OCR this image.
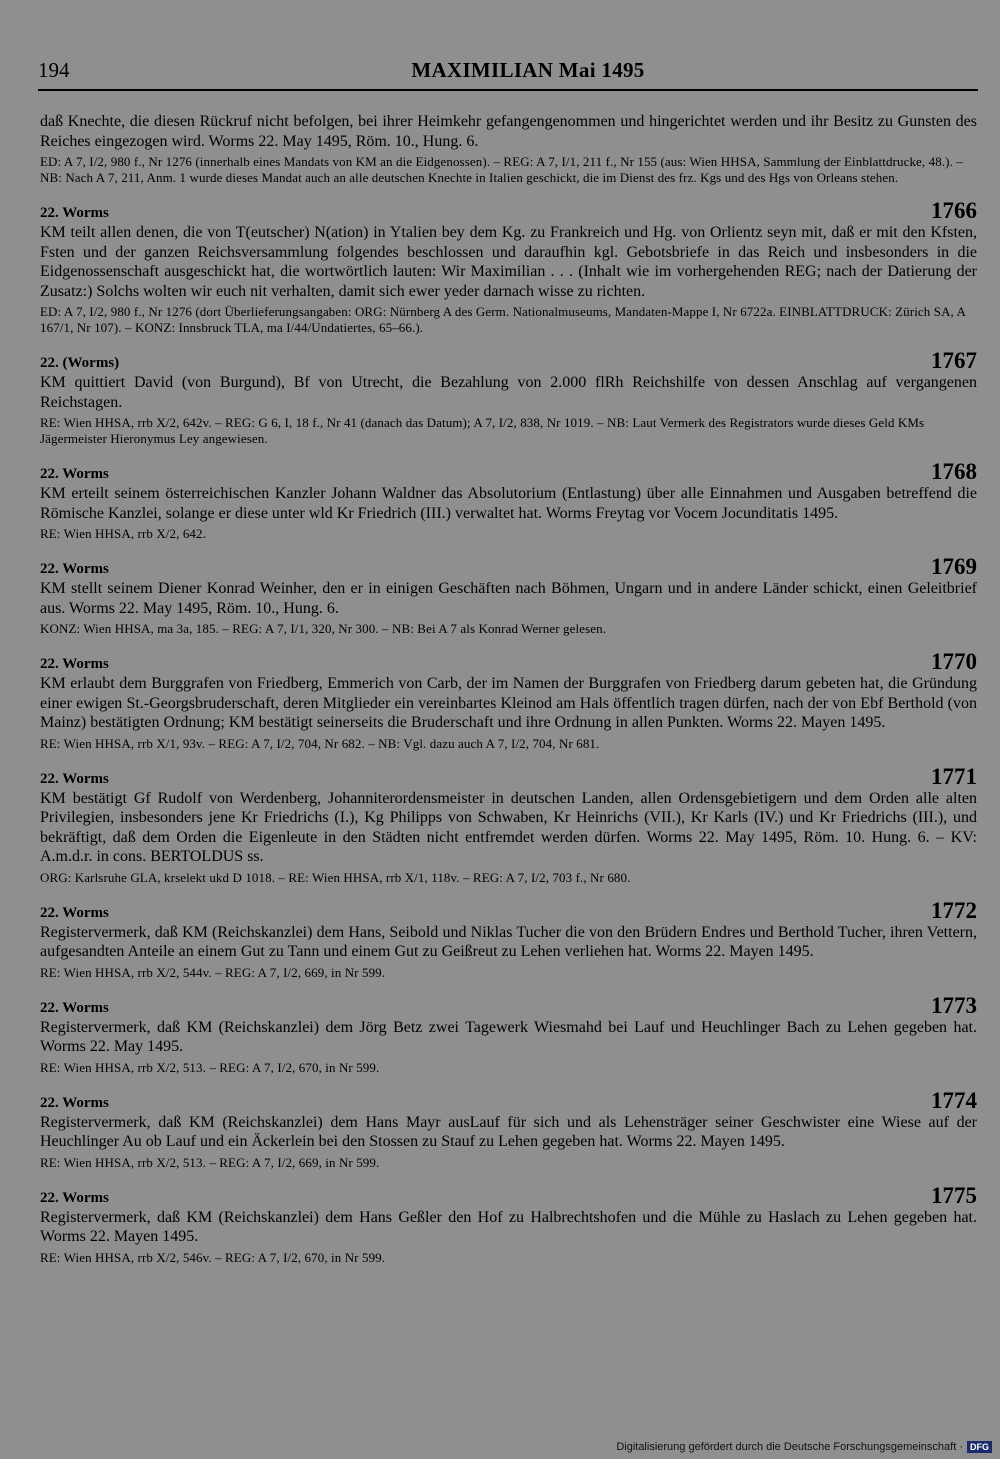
194	MAXIMILIAN Mai 1495

daß Knechte, die diesen Rückruf nicht befolgen, bei ihrer Heimkehr gefangengenommen und hingerichtet werden und ihr Besitz zu Gunsten des Reiches eingezogen wird. Worms 22. May 1495, Röm. 10., Hung. 6.

ED: A 7, I/2, 980 f., Nr 1276 (innerhalb eines Mandats von KM an die Eidgenossen). – REG: A 7, I/1, 211 f., Nr 155 (aus: Wien HHSA, Sammlung der Einblattdrucke, 48.). – NB: Nach A 7, 211, Anm. 1 wurde dieses Mandat auch an alle deutschen Knechte in Italien geschickt, die im Dienst des frz. Kgs und des Hgs von Orleans stehen.

22. Worms	1766

KM teilt allen denen, die von T(eutscher) N(ation) in Ytalien bey dem Kg. zu Frankreich und Hg. von Orlientz seyn mit, daß er mit den Kfsten, Fsten und der ganzen Reichsversammlung folgendes beschlossen und daraufhin kgl. Gebotsbriefe in das Reich und insbesonders in die Eidgenossenschaft ausgeschickt hat, die wortwörtlich lauten: Wir Maximilian . . . (Inhalt wie im vorhergehenden REG; nach der Datierung der Zusatz:) Solchs wolten wir euch nit verhalten, damit sich ewer yeder darnach wisse zu richten.

ED: A 7, I/2, 980 f., Nr 1276 (dort Überlieferungsangaben: ORG: Nürnberg A des Germ. Nationalmuseums, Mandaten-Mappe I, Nr 6722a. EINBLATTDRUCK: Zürich SA, A 167/1, Nr 107). – KONZ: Innsbruck TLA, ma I/44/Undatiertes, 65–66.).

22. (Worms)	1767

KM quittiert David (von Burgund), Bf von Utrecht, die Bezahlung von 2.000 flRh Reichshilfe von dessen Anschlag auf vergangenen Reichstagen.

RE: Wien HHSA, rrb X/2, 642v. – REG: G 6, I, 18 f., Nr 41 (danach das Datum); A 7, I/2, 838, Nr 1019. – NB: Laut Vermerk des Registrators wurde dieses Geld KMs Jägermeister Hieronymus Ley angewiesen.

22. Worms	1768

KM erteilt seinem österreichischen Kanzler Johann Waldner das Absolutorium (Entlastung) über alle Einnahmen und Ausgaben betreffend die Römische Kanzlei, solange er diese unter wld Kr Friedrich (III.) verwaltet hat. Worms Freytag vor Vocem Jocunditatis 1495.

RE: Wien HHSA, rrb X/2, 642.

22. Worms	1769

KM stellt seinem Diener Konrad Weinher, den er in einigen Geschäften nach Böhmen, Ungarn und in andere Länder schickt, einen Geleitbrief aus. Worms 22. May 1495, Röm. 10., Hung. 6.

KONZ: Wien HHSA, ma 3a, 185. – REG: A 7, I/1, 320, Nr 300. – NB: Bei A 7 als Konrad Werner gelesen.

22. Worms	1770

KM erlaubt dem Burggrafen von Friedberg, Emmerich von Carb, der im Namen der Burggrafen von Friedberg darum gebeten hat, die Gründung einer ewigen St.-Georgsbruderschaft, deren Mitglieder ein vereinbartes Kleinod am Hals öffentlich tragen dürfen, nach der von Ebf Berthold (von Mainz) bestätigten Ordnung; KM bestätigt seinerseits die Bruderschaft und ihre Ordnung in allen Punkten. Worms 22. Mayen 1495.

RE: Wien HHSA, rrb X/1, 93v. – REG: A 7, I/2, 704, Nr 682. – NB: Vgl. dazu auch A 7, I/2, 704, Nr 681.

22. Worms	1771

KM bestätigt Gf Rudolf von Werdenberg, Johanniterordensmeister in deutschen Landen, allen Ordensgebietigern und dem Orden alle alten Privilegien, insbesonders jene Kr Friedrichs (I.), Kg Philipps von Schwaben, Kr Heinrichs (VII.), Kr Karls (IV.) und Kr Friedrichs (III.), und bekräftigt, daß dem Orden die Eigenleute in den Städten nicht entfremdet werden dürfen. Worms 22. May 1495, Röm. 10. Hung. 6. – KV: A.m.d.r. in cons. BERTOLDUS ss.

ORG: Karlsruhe GLA, krselekt ukd D 1018. – RE: Wien HHSA, rrb X/1, 118v. – REG: A 7, I/2, 703 f., Nr 680.

22. Worms	1772

Registervermerk, daß KM (Reichskanzlei) dem Hans, Seibold und Niklas Tucher die von den Brüdern Endres und Berthold Tucher, ihren Vettern, aufgesandten Anteile an einem Gut zu Tann und einem Gut zu Geißreut zu Lehen verliehen hat. Worms 22. Mayen 1495.

RE: Wien HHSA, rrb X/2, 544v. – REG: A 7, I/2, 669, in Nr 599.

22. Worms	1773

Registervermerk, daß KM (Reichskanzlei) dem Jörg Betz zwei Tagewerk Wiesmahd bei Lauf und Heuchlinger Bach zu Lehen gegeben hat. Worms 22. May 1495.

RE: Wien HHSA, rrb X/2, 513. – REG: A 7, I/2, 670, in Nr 599.

22. Worms	1774

Registervermerk, daß KM (Reichskanzlei) dem Hans Mayr ausLauf für sich und als Lehensträger seiner Geschwister eine Wiese auf der Heuchlinger Au ob Lauf und ein Äckerlein bei den Stossen zu Stauf zu Lehen gegeben hat. Worms 22. Mayen 1495.

RE: Wien HHSA, rrb X/2, 513. – REG: A 7, I/2, 669, in Nr 599.

22. Worms	1775

Registervermerk, daß KM (Reichskanzlei) dem Hans Geßler den Hof zu Halbrechtshofen und die Mühle zu Haslach zu Lehen gegeben hat. Worms 22. Mayen 1495.

RE: Wien HHSA, rrb X/2, 546v. – REG: A 7, I/2, 670, in Nr 599.

Digitalisierung gefördert durch die Deutsche Forschungsgemeinschaft · DFG
